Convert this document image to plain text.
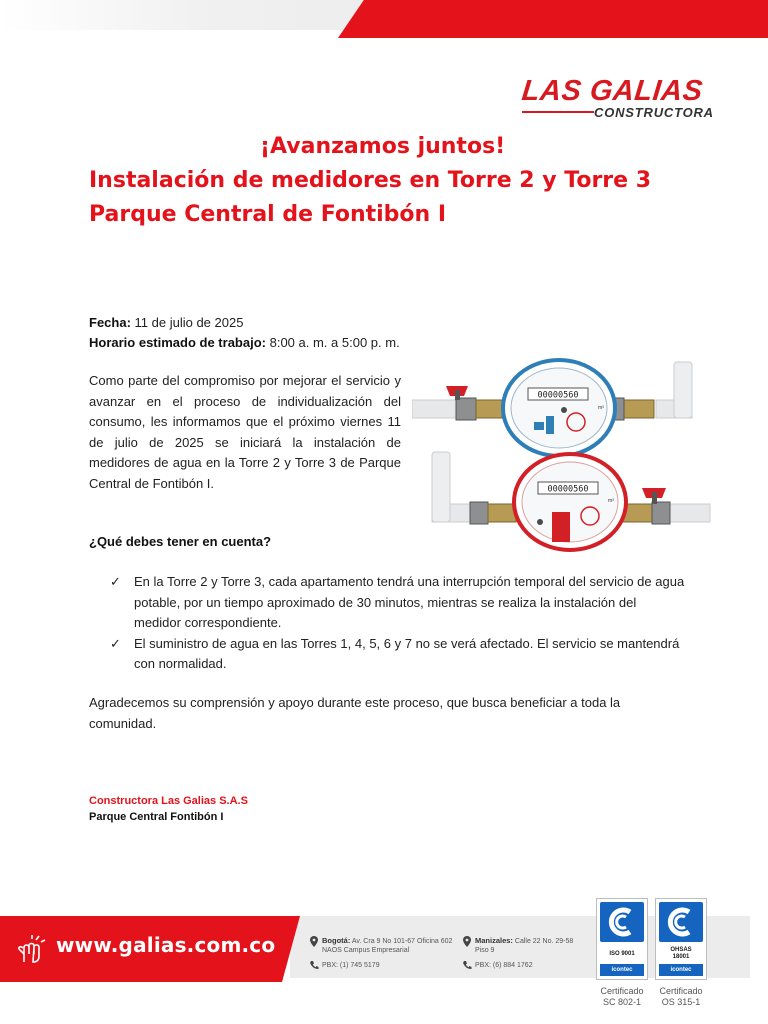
LAS GALIAS
CONSTRUCTORA
¡Avanzamos juntos!
Instalación de medidores en Torre 2 y Torre 3
Parque Central de Fontibón I
Fecha: 11 de julio de 2025
Horario estimado de trabajo: 8:00 a. m. a 5:00 p. m.

Como parte del compromiso por mejorar el servicio y avanzar en el proceso de individualización del consumo, les informamos que el próximo viernes 11 de julio de 2025 se iniciará la instalación de medidores de agua en la Torre 2 y Torre 3 de Parque Central de Fontibón I.

00000560
m³
00000560
m³
¿Qué debes tener en cuenta?
✓ En la Torre 2 y Torre 3, cada apartamento tendrá una interrupción temporal del servicio de agua potable, por un tiempo aproximado de 30 minutos, mientras se realiza la instalación del medidor correspondiente.
✓ El suministro de agua en las Torres 1, 4, 5, 6 y 7 no se verá afectado. El servicio se mantendrá con normalidad.

Agradecemos su comprensión y apoyo durante este proceso, que busca beneficiar a toda la comunidad.

Constructora Las Galias S.A.S
Parque Central Fontibón I
www.galias.com.co	Bogotá: Av. Cra 9 No 101-67 Oficina 602
NAOS Campus Empresarial
PBX: (1) 745 5179
Manizales: Calle 22 No. 29-58
Piso 9
PBX: (6) 884 1762
ISO 9001
icontec
Certificado
SC 802-1
OHSAS
18001
icontec
Certificado
OS 315-1
